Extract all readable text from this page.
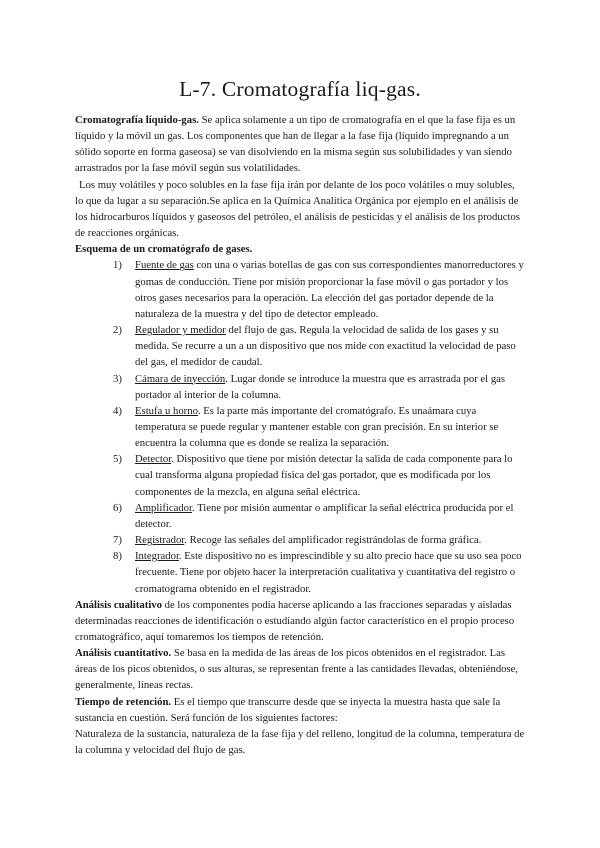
L-7. Cromatografía liq-gas.

Cromatografía líquido-gas. Se aplica solamente a un tipo de cromatografía en el que la fase fija es un líquido y la móvil un gas. Los componentes que han de llegar a la fase fija (líquido impregnando a un sólido soporte en forma gaseosa) se van disolviendo en la misma según sus solubilidades y van siendo arrastrados por la fase móvil según sus volatilidades.

Los muy volátiles y poco solubles en la fase fija irán por delante de los poco volátiles o muy solubles, lo que da lugar a su separación.Se aplica en la Química Analítica Orgánica por ejemplo en el análisis de los hidrocarburos líquidos y gaseosos del petróleo, el análisis de pesticidas y el análisis de los productos de reacciones orgánicas.

Esquema de un cromatógrafo de gases.

1) Fuente de gas con una o varias botellas de gas con sus correspondientes manorreductores y gomas de conducción. Tiene por misión proporcionar la fase móvil o gas portador y los otros gases necesarios para la operación. La elección del gas portador depende de la naturaleza de la muestra y del tipo de detector empleado.
2) Regulador y medidor del flujo de gas. Regula la velocidad de salida de los gases y su medida. Se recurre a un a un dispositivo que nos mide con exactitud la velocidad de paso del gas, el medidor de caudal.
3) Cámara de inyección. Lugar donde se introduce la muestra que es arrastrada por el gas portador al interior de la columna.
4) Estufa u horno. Es la parte más importante del cromatógrafo. Es unaámara cuya temperatura se puede regular y mantener estable con gran precisión. En su interior se encuentra la columna que es donde se realiza la separación.
5) Detector. Dispositivo que tiene por misión detectar la salida de cada componente para lo cual transforma alguna propiedad física del gas portador, que es modificada por los componentes de la mezcla, en alguna señal eléctrica.
6) Amplificador. Tiene por misión aumentar o amplificar la señal eléctrica producida por el detector.
7) Registrador. Recoge las señales del amplificador registrándolas de forma gráfica.
8) Integrador. Este dispositivo no es imprescindible y su alto precio hace que su uso sea poco frecuente. Tiene por objeto hacer la interpretación cualitativa y cuantitativa del registro o cromatograma obtenido en el registrador.

Análisis cualitativo de los componentes podía hacerse aplicando a las fracciones separadas y aisladas determinadas reacciones de identificación o estudiando algún factor característico en el propio proceso cromatográfico, aquí tomaremos los tiempos de retención.

Análisis cuantitativo. Se basa en la medida de las áreas de los picos obtenidos en el registrador. Las áreas de los picos obtenidos, o sus alturas, se representan frente a las cantidades llevadas, obteniéndose, generalmente, líneas rectas.

Tiempo de retención. Es el tiempo que transcurre desde que se inyecta la muestra hasta que sale la sustancia en cuestión. Será función de los siguientes factores:

Naturaleza de la sustancia, naturaleza de la fase fija y del relleno, longitud de la columna, temperatura de la columna y velocidad del flujo de gas.
